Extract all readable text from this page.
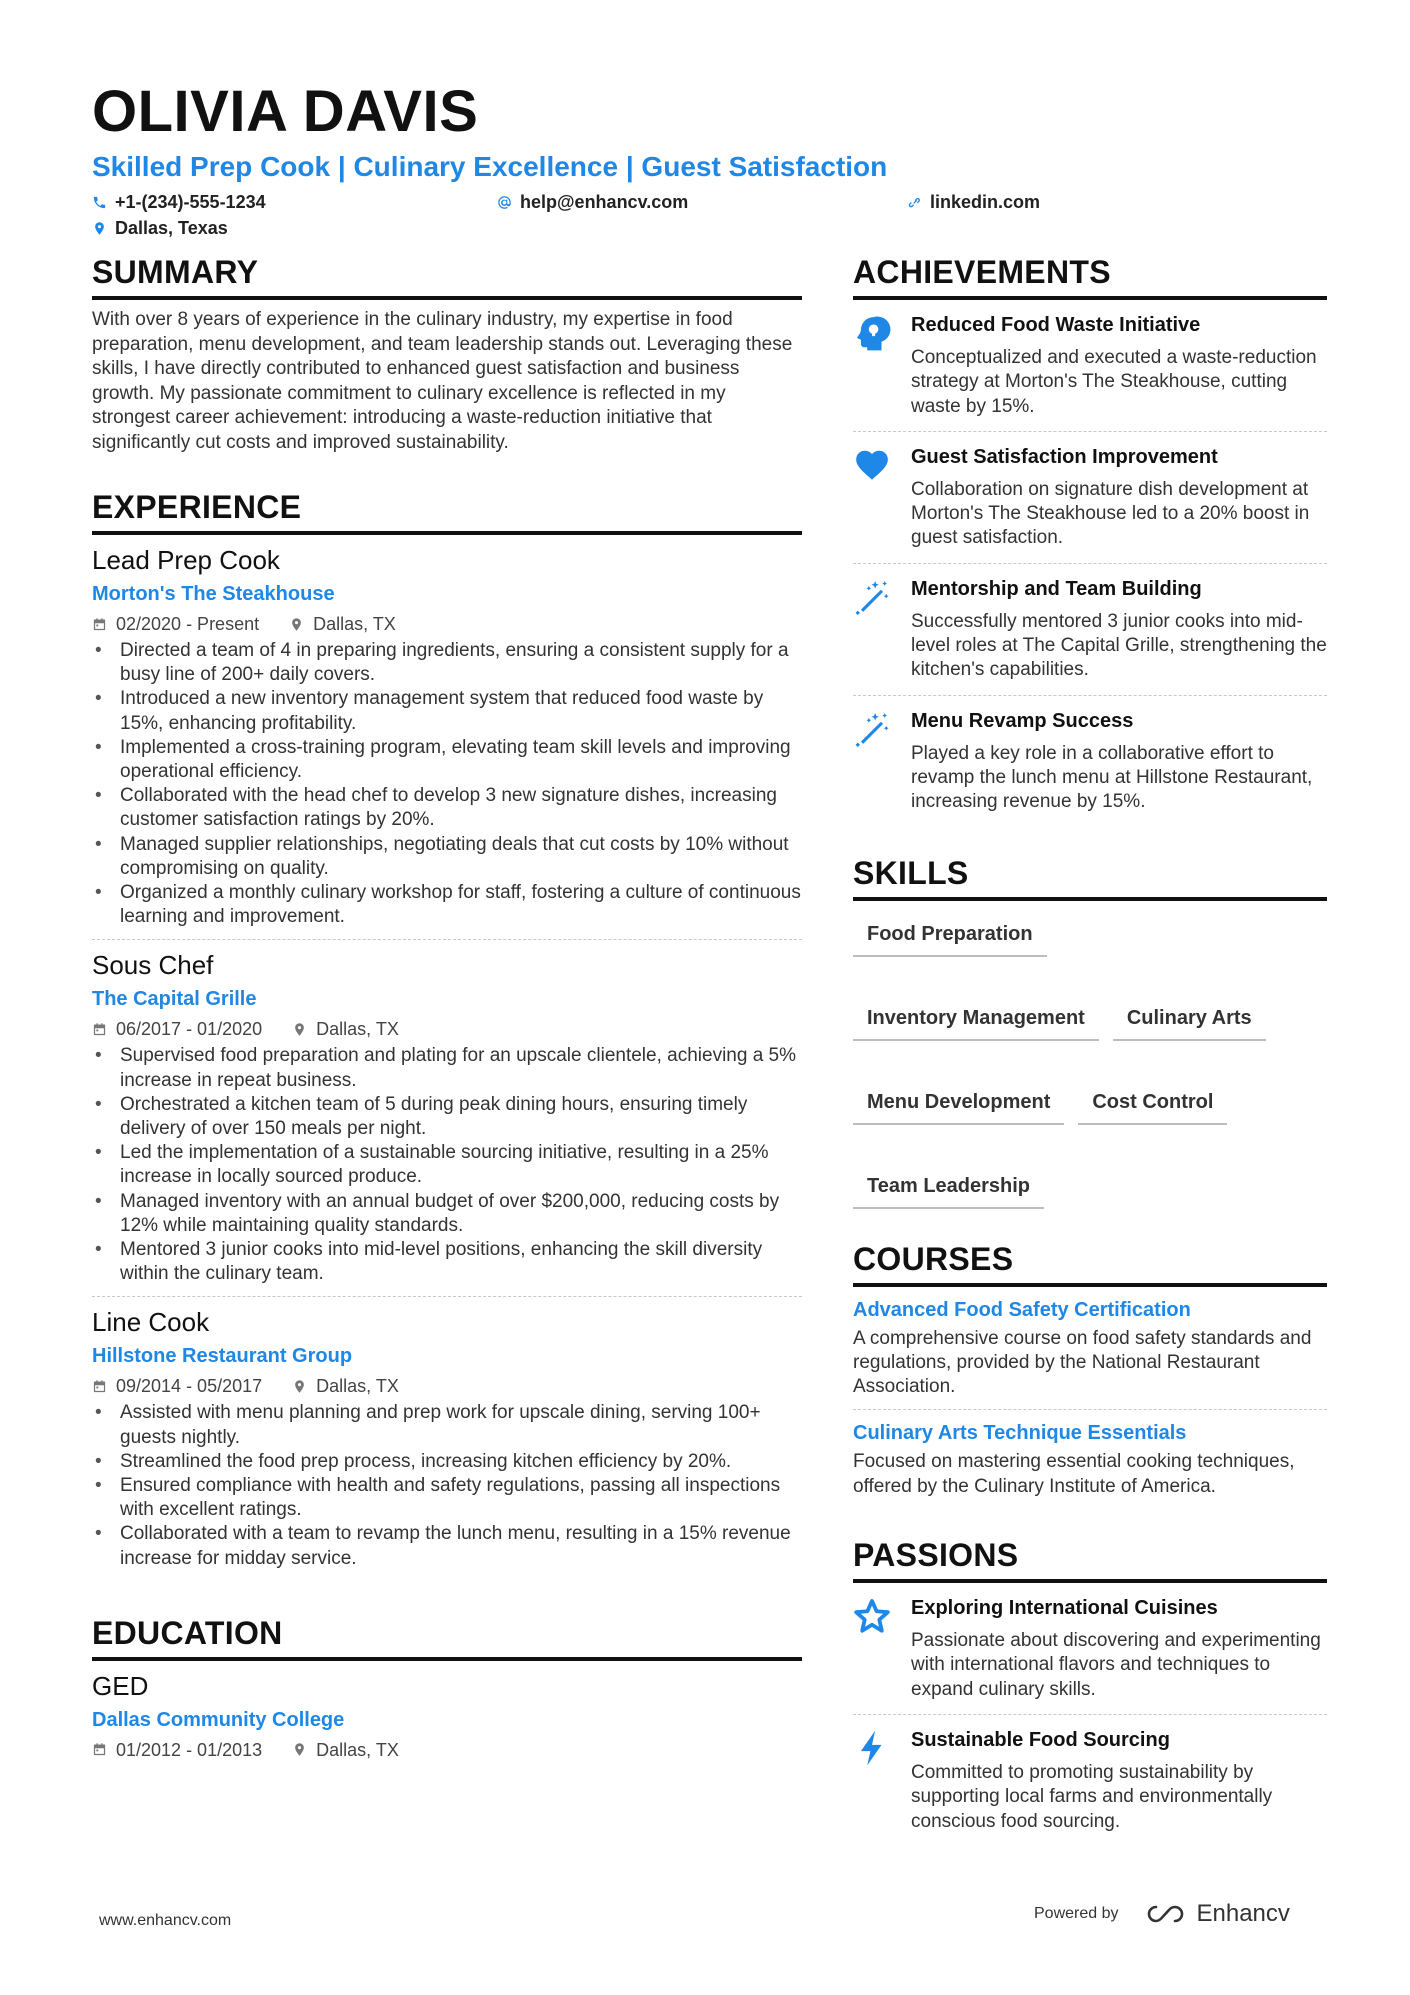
OLIVIA DAVIS
Skilled Prep Cook | Culinary Excellence | Guest Satisfaction
+1-(234)-555-1234	help@enhancv.com	linkedin.com
Dallas, Texas
SUMMARY

With over 8 years of experience in the culinary industry, my expertise in food preparation, menu development, and team leadership stands out. Leveraging these skills, I have directly contributed to enhanced guest satisfaction and business growth. My passionate commitment to culinary excellence is reflected in my strongest career achievement: introducing a waste-reduction initiative that significantly cut costs and improved sustainability.

EXPERIENCE
Lead Prep Cook
Morton's The Steakhouse
02/2020 - Present	Dallas, TX
• Directed a team of 4 in preparing ingredients, ensuring a consistent supply for a busy line of 200+ daily covers.
• Introduced a new inventory management system that reduced food waste by 15%, enhancing profitability.
• Implemented a cross-training program, elevating team skill levels and improving operational efficiency.
• Collaborated with the head chef to develop 3 new signature dishes, increasing customer satisfaction ratings by 20%.
• Managed supplier relationships, negotiating deals that cut costs by 10% without compromising on quality.
• Organized a monthly culinary workshop for staff, fostering a culture of continuous learning and improvement.
Sous Chef
The Capital Grille
06/2017 - 01/2020	Dallas, TX
• Supervised food preparation and plating for an upscale clientele, achieving a 5% increase in repeat business.
• Orchestrated a kitchen team of 5 during peak dining hours, ensuring timely delivery of over 150 meals per night.
• Led the implementation of a sustainable sourcing initiative, resulting in a 25% increase in locally sourced produce.
• Managed inventory with an annual budget of over $200,000, reducing costs by 12% while maintaining quality standards.
• Mentored 3 junior cooks into mid-level positions, enhancing the skill diversity within the culinary team.
Line Cook
Hillstone Restaurant Group
09/2014 - 05/2017	Dallas, TX
• Assisted with menu planning and prep work for upscale dining, serving 100+ guests nightly.
• Streamlined the food prep process, increasing kitchen efficiency by 20%.
• Ensured compliance with health and safety regulations, passing all inspections with excellent ratings.
• Collaborated with a team to revamp the lunch menu, resulting in a 15% revenue increase for midday service.
EDUCATION
GED
Dallas Community College
01/2012 - 01/2013	Dallas, TX
ACHIEVEMENTS
Reduced Food Waste Initiative
Conceptualized and executed a waste-reduction strategy at Morton's The Steakhouse, cutting waste by 15%.
Guest Satisfaction Improvement
Collaboration on signature dish development at Morton's The Steakhouse led to a 20% boost in guest satisfaction.
Mentorship and Team Building
Successfully mentored 3 junior cooks into mid-level roles at The Capital Grille, strengthening the kitchen's capabilities.
Menu Revamp Success
Played a key role in a collaborative effort to revamp the lunch menu at Hillstone Restaurant, increasing revenue by 15%.
SKILLS
Food Preparation
Inventory Management	Culinary Arts
Menu Development	Cost Control
Team Leadership
COURSES
Advanced Food Safety Certification
A comprehensive course on food safety standards and regulations, provided by the National Restaurant Association.
Culinary Arts Technique Essentials
Focused on mastering essential cooking techniques, offered by the Culinary Institute of America.
PASSIONS
Exploring International Cuisines
Passionate about discovering and experimenting with international flavors and techniques to expand culinary skills.
Sustainable Food Sourcing
Committed to promoting sustainability by supporting local farms and environmentally conscious food sourcing.
www.enhancv.com	Powered by	Enhancv
